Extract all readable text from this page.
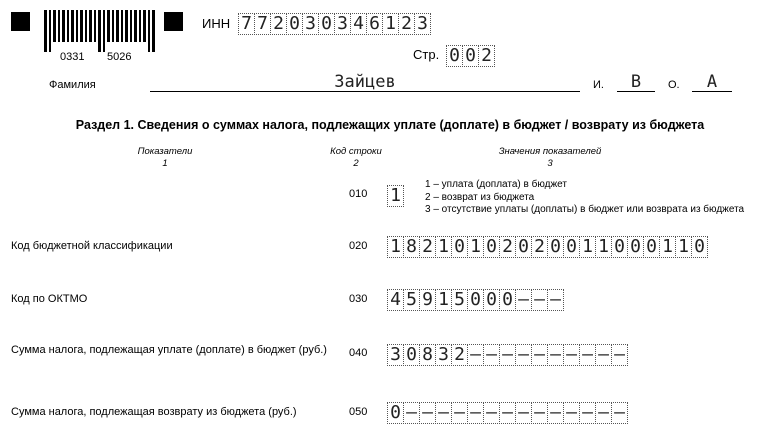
0331 5026
ИНН 7 7 2 0 3 0 3 4 6 1 2 3
Стр. 0 0 2
Фамилия	Зайцев	И.	В	О.	А
Раздел 1. Сведения о суммах налога, подлежащих уплате (доплате) в бюджет / возврату из бюджета
Показатели
1
Код строки
2
Значения показателей
3
010 1
1 – уплата (доплата) в бюджет
2 – возврат из бюджета
3 – отсутствие уплаты (доплаты) в бюджет или возврата из бюджета
Код бюджетной классификации	020 1 8 2 1 0 1 0 2 0 2 0 0 1 1 0 0 0 1 1 0
Код по ОКТМО	030 4 5 9 1 5 0 0 0 – – –
Сумма налога, подлежащая уплате (доплате) в бюджет (руб.)	040 3 0 8 3 2 – – – – – – – – – –
Сумма налога, подлежащая возврату из бюджета (руб.)	050 0 – – – – – – – – – – – – – –
